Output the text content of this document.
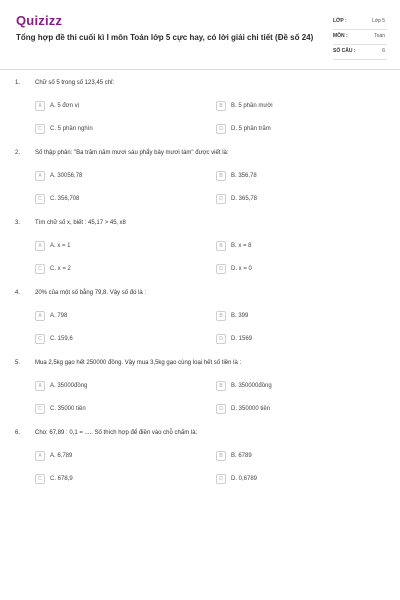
Quizizz
Tổng hợp đề thi cuối kì I môn Toán lớp 5 cực hay, có lời giải chi tiết (Đề số 24)
LỚP :	Lớp 5
MÔN :	Toán
SỐ CÂU :	6
1. Chữ số 5 trong số 123,45 chỉ:
A	A. 5 đơn vị	B	B. 5 phần mười
C	C. 5 phần nghìn	D	D. 5 phần trăm
2. Số thập phân: "Ba trăm năm mươi sáu phẩy bảy mươi tám" được viết là:
A	A. 30056,78	B	B. 356,78
C	C. 356,708	D	D. 365,78
3. Tìm chữ số x, biết : 45,17 > 45‚ x8
A	A. x = 1	B	B. x = 8
C	C. x = 2	D	D. x = 0
4. 20% của một số bằng 79,8. Vậy số đó là :
A	A. 798	B	B. 399
C	C. 159,6	D	D. 1569
5. Mua 2,5kg gạo hết 250000 đồng. Vậy mua 3,5kg gạo cùng loại hết số tiền là :
A	A. 35000đồng	B	B. 350000đồng
C	C. 35000 tiền	D	D. 350000 tiền
6. Cho: 67,89 : 0,1 = ..... Số thích hợp để điền vào chỗ chấm là:
A	A. 6,789	B	B. 6789
C	C. 678,9	D	D. 0,6789
